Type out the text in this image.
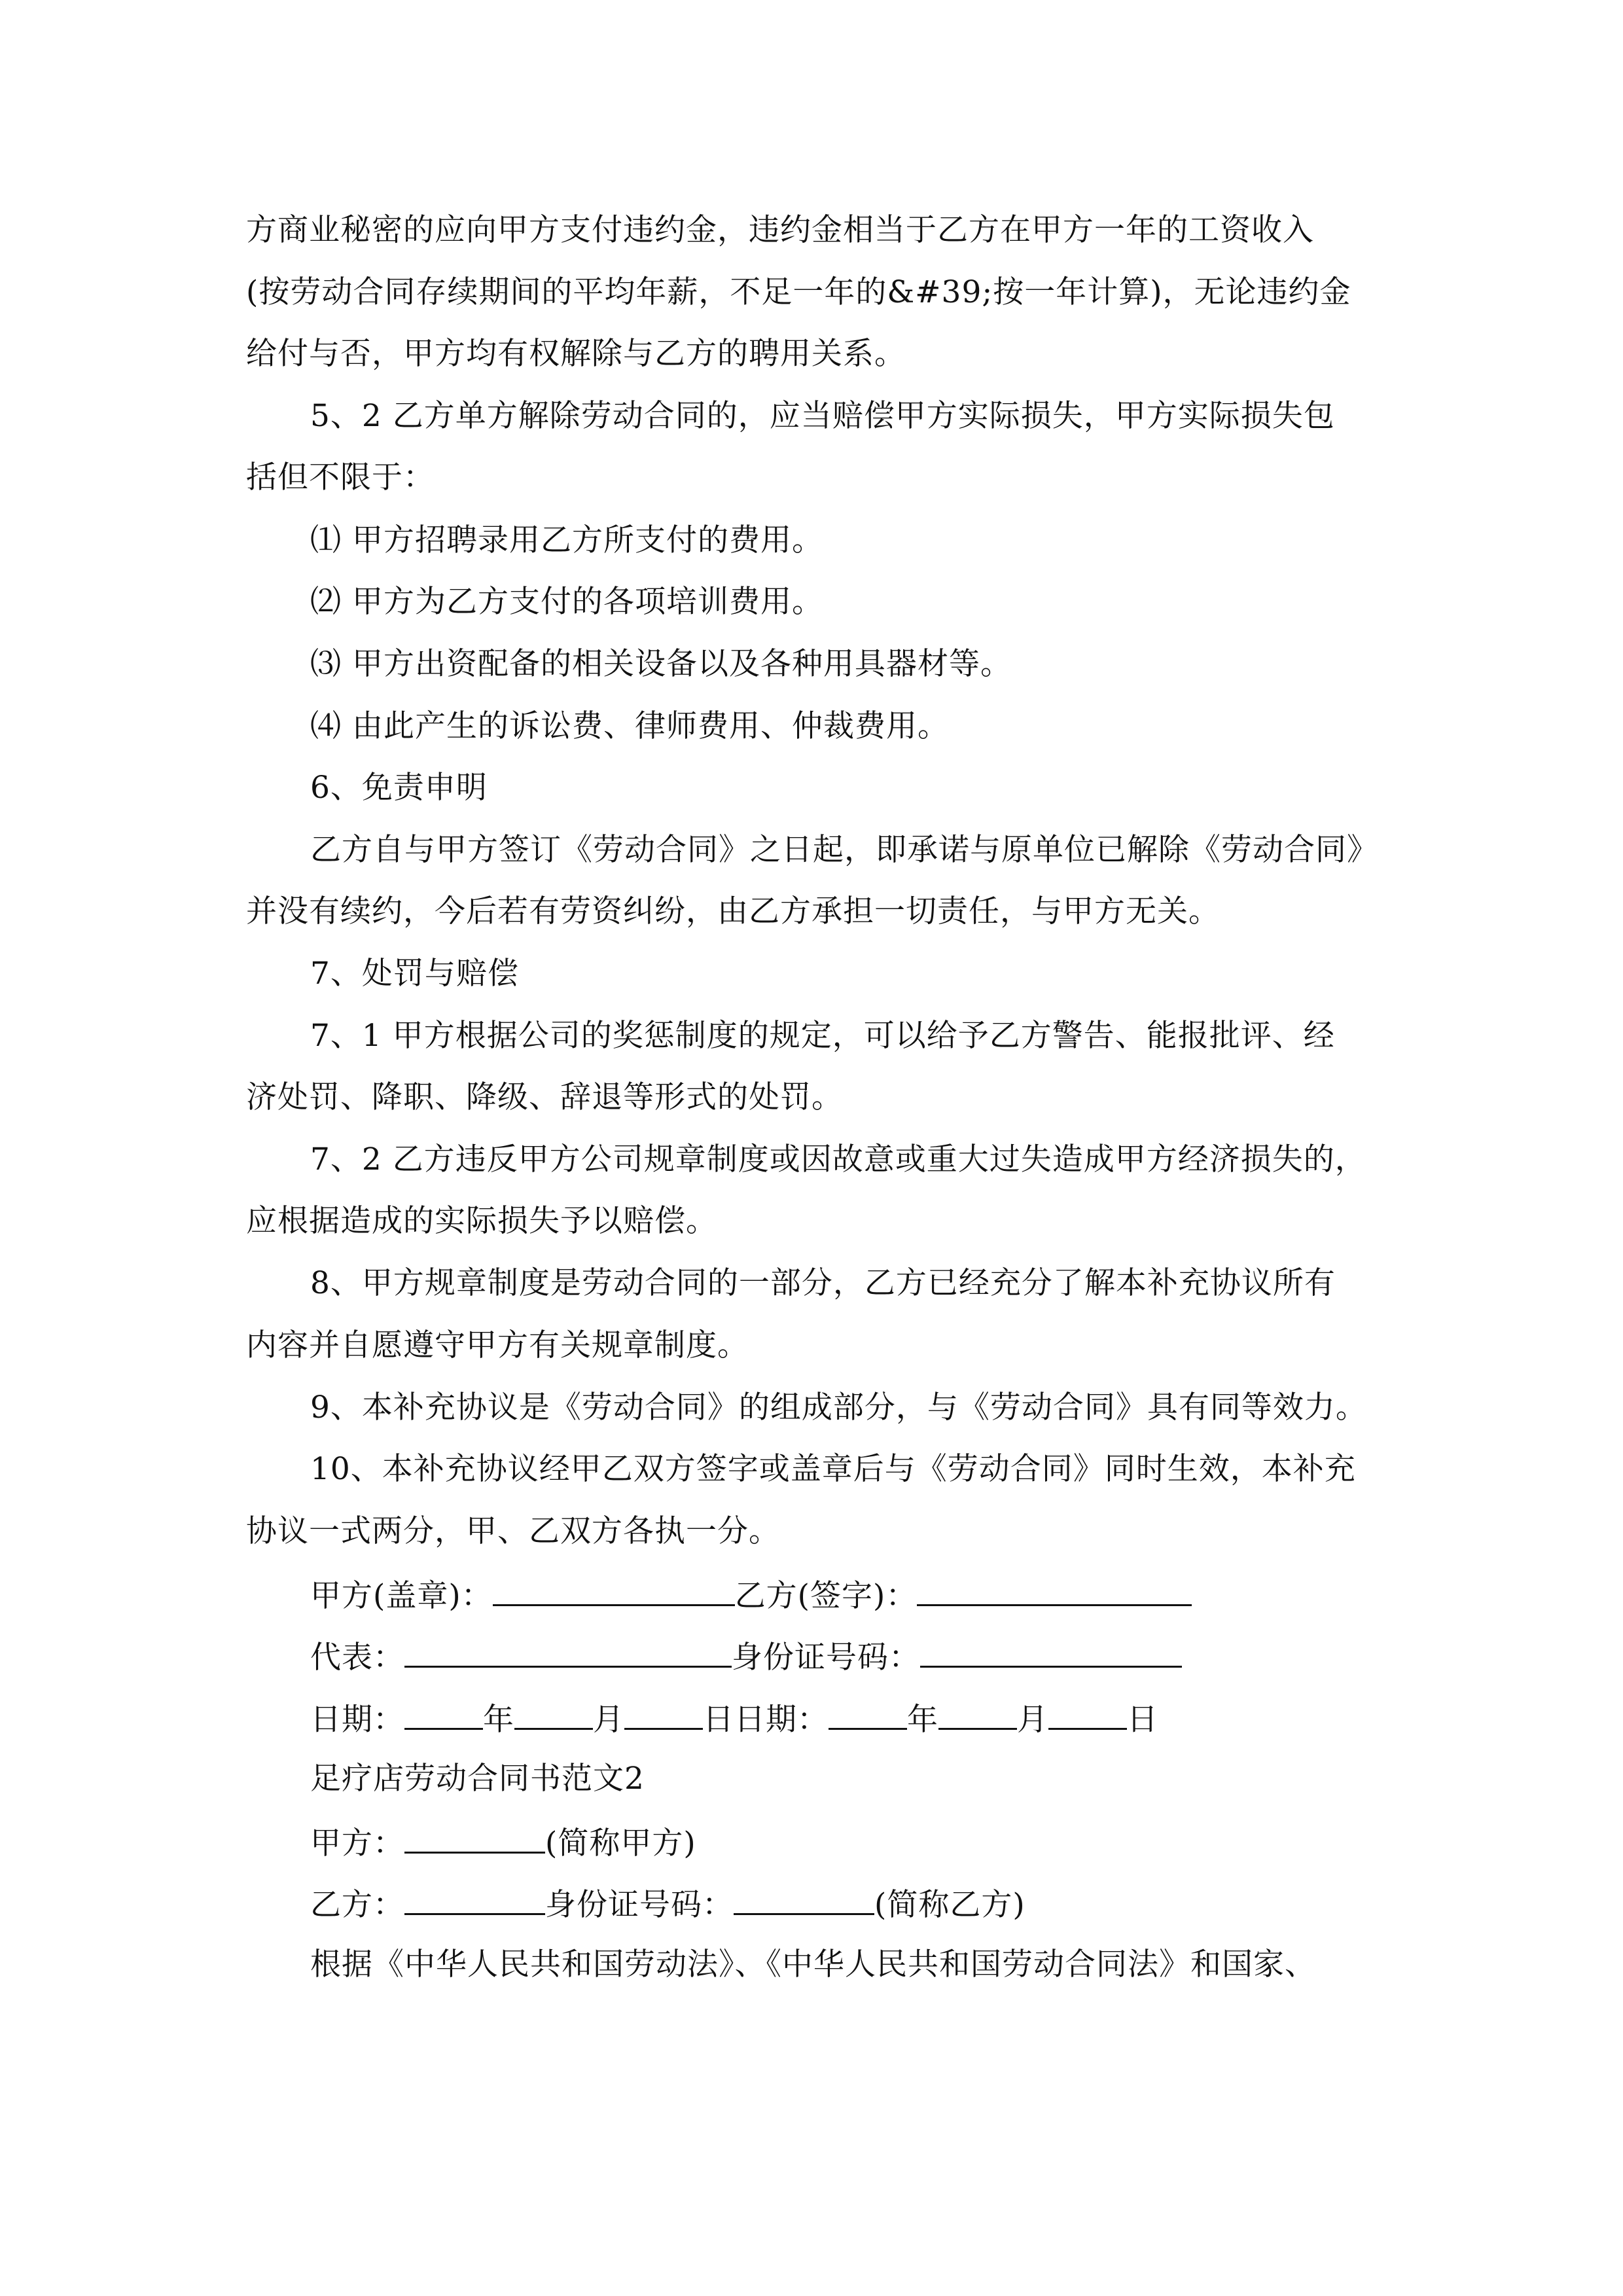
方商业秘密的应向甲方支付违约金，违约金相当于乙方在甲方一年的工资收入
(按劳动合同存续期间的平均年薪，不足一年的&#39;按一年计算)，无论违约金
给付与否，甲方均有权解除与乙方的聘用关系。
5、2 乙方单方解除劳动合同的，应当赔偿甲方实际损失，甲方实际损失包
括但不限于：
⑴ 甲方招聘录用乙方所支付的费用。
⑵ 甲方为乙方支付的各项培训费用。
⑶ 甲方出资配备的相关设备以及各种用具器材等。
⑷ 由此产生的诉讼费、律师费用、仲裁费用。
6、免责申明
乙方自与甲方签订《劳动合同》之日起，即承诺与原单位已解除《劳动合同》
并没有续约，今后若有劳资纠纷，由乙方承担一切责任，与甲方无关。
7、处罚与赔偿
7、1 甲方根据公司的奖惩制度的规定，可以给予乙方警告、能报批评、经
济处罚、降职、降级、辞退等形式的处罚。
7、2 乙方违反甲方公司规章制度或因故意或重大过失造成甲方经济损失的，
应根据造成的实际损失予以赔偿。
8、甲方规章制度是劳动合同的一部分，乙方已经充分了解本补充协议所有
内容并自愿遵守甲方有关规章制度。
9、本补充协议是《劳动合同》的组成部分，与《劳动合同》具有同等效力。
10、本补充协议经甲乙双方签字或盖章后与《劳动合同》同时生效，本补充
协议一式两分，甲、乙双方各执一分。
甲方(盖章)：	乙方(签字)：
代表：	身份证号码：
日期：	年	月	日日期：	年	月	日
足疗店劳动合同书范文2
甲方：	(简称甲方)
乙方：	身份证号码：	(简称乙方)
根据《中华人民共和国劳动法》、《中华人民共和国劳动合同法》和国家、
